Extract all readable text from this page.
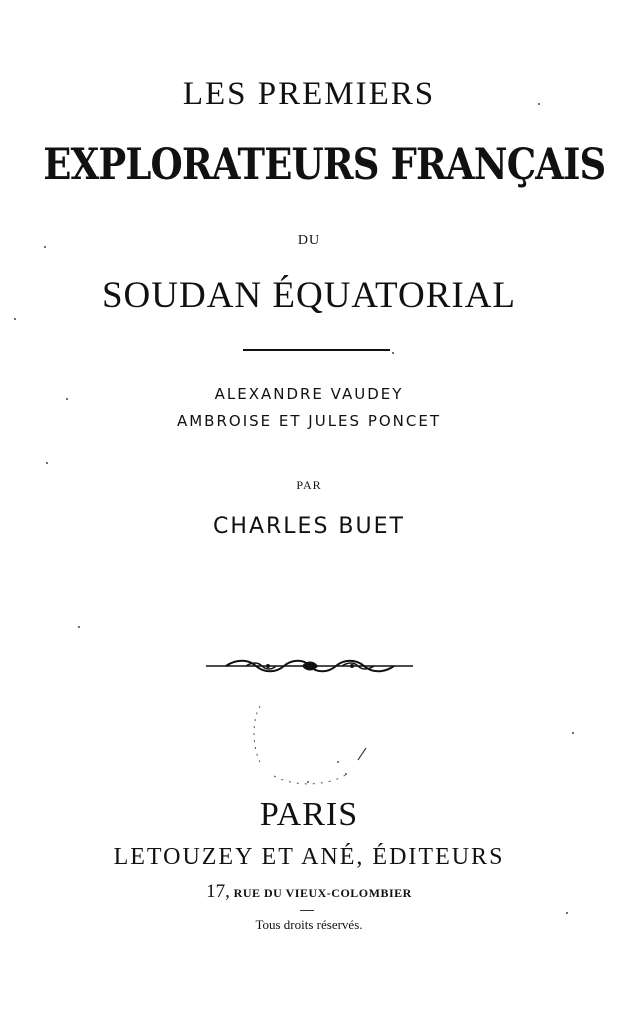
LES PREMIERS
EXPLORATEURS FRANÇAIS
DU
SOUDAN ÉQUATORIAL
ALEXANDRE VAUDEY
AMBROISE ET JULES PONCET
PAR
CHARLES BUET
PARIS
LETOUZEY ET ANÉ, ÉDITEURS
17, RUE DU VIEUX-COLOMBIER
Tous droits réservés.
